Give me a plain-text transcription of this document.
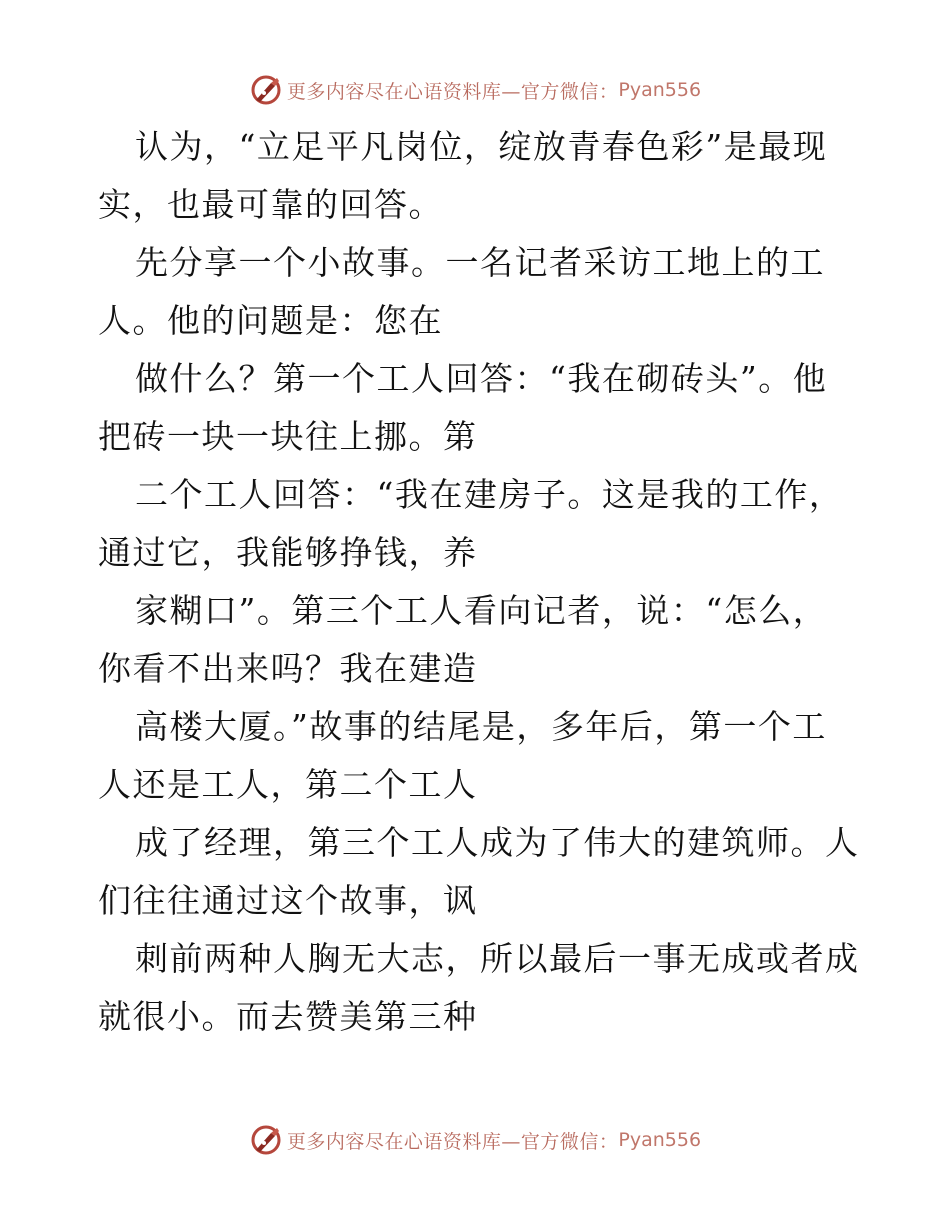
更多内容尽在心语资料库—官方微信： Pyan556
认为，“立足平凡岗位，绽放青春色彩”是最现
实，也最可靠的回答。
先分享一个小故事。一名记者采访工地上的工
人。他的问题是：您在
做什么？第一个工人回答：“我在砌砖头”。他
把砖一块一块往上挪。第
二个工人回答：“我在建房子。这是我的工作，
通过它，我能够挣钱，养
家糊口”。第三个工人看向记者，说：“怎么，
你看不出来吗？我在建造
高楼大厦。”故事的结尾是，多年后，第一个工
人还是工人，第二个工人
成了经理，第三个工人成为了伟大的建筑师。人
们往往通过这个故事，讽
刺前两种人胸无大志，所以最后一事无成或者成
就很小。而去赞美第三种
更多内容尽在心语资料库—官方微信： Pyan556
